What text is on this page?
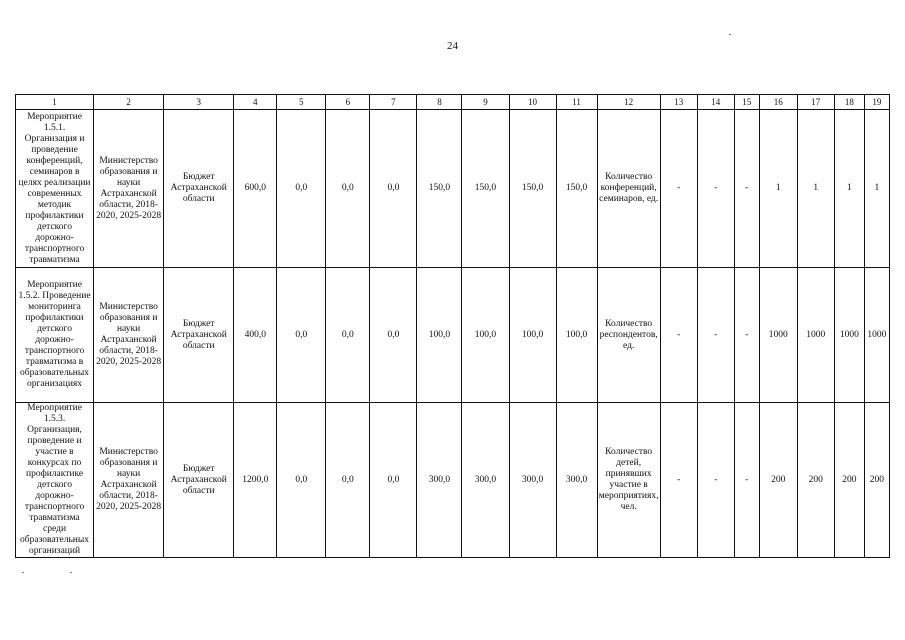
24
1	2	3	4	5	6	7	8	9	10	11	12	13	14	15	16	17	18	19
Мероприятие 1.5.1. Организация и проведение конференций, семинаров в целях реализации современных методик профилактики детского дорожно-транспортного травматизма	Министерство образования и науки Астраханской области, 2018-2020, 2025-2028	Бюджет Астраханской области	600,0	0,0	0,0	0,0	150,0	150,0	150,0	150,0	Количество конференций, семинаров, ед.	-	-	-	1	1	1	1
Мероприятие 1.5.2. Проведение мониторинга профилактики детского дорожно-транспортного травматизма в образовательных организациях	Министерство образования и науки Астраханской области, 2018-2020, 2025-2028	Бюджет Астраханской области	400,0	0,0	0,0	0,0	100,0	100,0	100,0	100,0	Количество респондентов, ед.	-	-	-	1000	1000	1000	1000
Мероприятие 1.5.3. Организация, проведение и участие в конкурсах по профилактике детского дорожно-транспортного травматизма среди образовательных организаций	Министерство образования и науки Астраханской области, 2018-2020, 2025-2028	Бюджет Астраханской области	1200,0	0,0	0,0	0,0	300,0	300,0	300,0	300,0	Количество детей, принявших участие в мероприятиях, чел.	-	-	-	200	200	200	200
